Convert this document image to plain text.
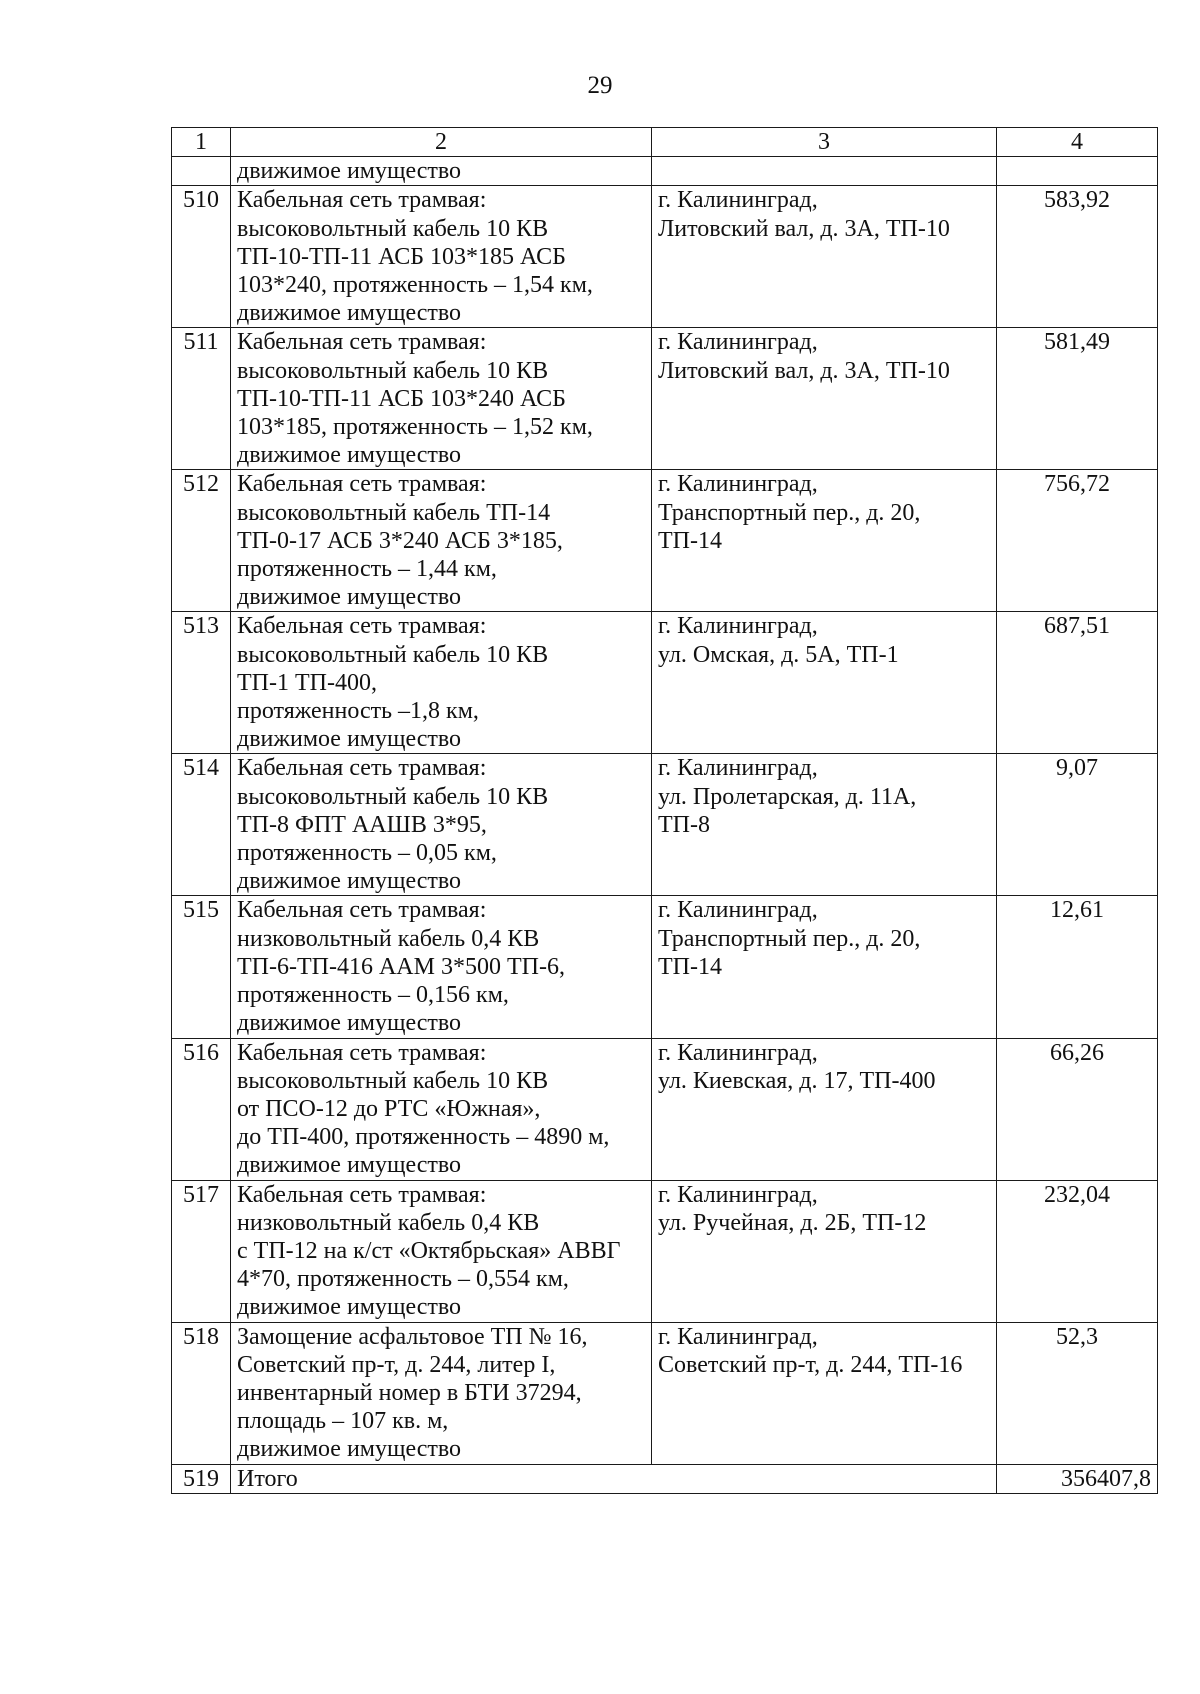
29
1	2	3	4
	движимое имущество		
510	Кабельная сеть трамвая:
высоковольтный кабель 10 КВ
ТП-10-ТП-11 АСБ 103*185 АСБ
103*240, протяженность – 1,54 км,
движимое имущество	г. Калининград,
Литовский вал, д. 3А, ТП-10	583,92
511	Кабельная сеть трамвая:
высоковольтный кабель 10 КВ
ТП-10-ТП-11 АСБ 103*240 АСБ
103*185, протяженность – 1,52 км,
движимое имущество	г. Калининград,
Литовский вал, д. 3А, ТП-10	581,49
512	Кабельная сеть трамвая:
высоковольтный кабель ТП-14
ТП-0-17 АСБ 3*240 АСБ 3*185,
протяженность – 1,44 км,
движимое имущество	г. Калининград,
Транспортный пер., д. 20,
ТП-14	756,72
513	Кабельная сеть трамвая:
высоковольтный кабель 10 КВ
ТП-1 ТП-400,
протяженность –1,8 км,
движимое имущество	г. Калининград,
ул. Омская, д. 5А, ТП-1	687,51
514	Кабельная сеть трамвая:
высоковольтный кабель 10 КВ
ТП-8 ФПТ ААШВ 3*95,
протяженность – 0,05 км,
движимое имущество	г. Калининград,
ул. Пролетарская, д. 11А,
ТП-8	9,07
515	Кабельная сеть трамвая:
низковольтный кабель 0,4 КВ
ТП-6-ТП-416 ААМ 3*500 ТП-6,
протяженность – 0,156 км,
движимое имущество	г. Калининград,
Транспортный пер., д. 20,
ТП-14	12,61
516	Кабельная сеть трамвая:
высоковольтный кабель 10 КВ
от ПСО-12 до РТС «Южная»,
до ТП-400, протяженность – 4890 м,
движимое имущество	г. Калининград,
ул. Киевская, д. 17, ТП-400	66,26
517	Кабельная сеть трамвая:
низковольтный кабель 0,4 КВ
с ТП-12 на к/ст «Октябрьская» АВВГ
4*70, протяженность – 0,554 км,
движимое имущество	г. Калининград,
ул. Ручейная, д. 2Б, ТП-12	232,04
518	Замощение асфальтовое ТП № 16,
Советский пр-т, д. 244, литер I,
инвентарный номер в БТИ 37294,
площадь – 107 кв. м,
движимое имущество	г. Калининград,
Советский пр-т, д. 244, ТП-16	52,3
519	Итого		356407,8
